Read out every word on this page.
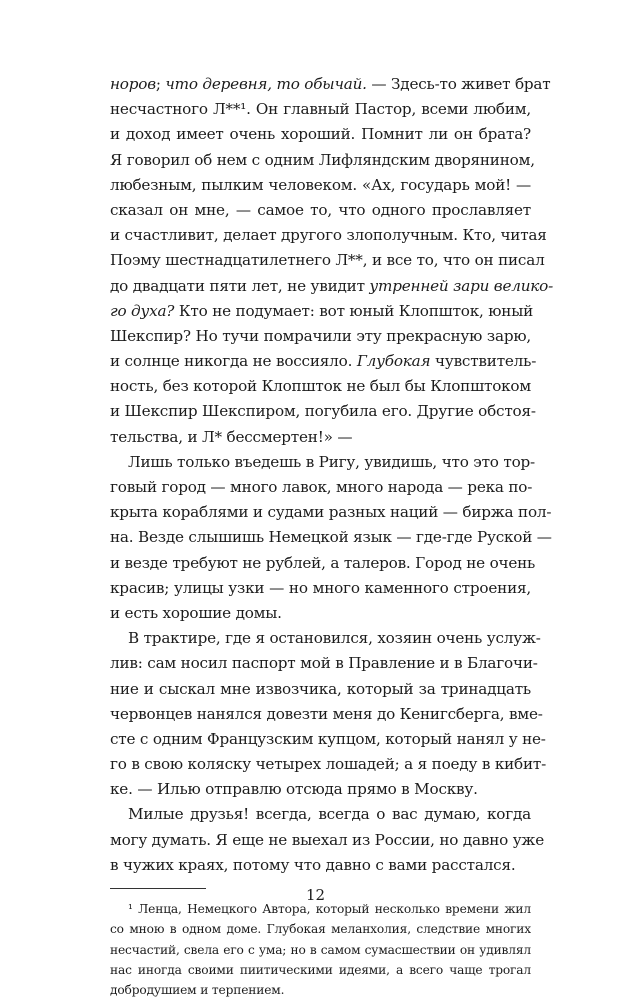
норов; что деревня, то обычай. — Здесь-то живет брат
несчастного Л**¹. Он главный Пастор, всеми любим,
и доход имеет очень хороший. Помнит ли он брата?
Я говорил об нем с одним Лифляндским дворянином,
любезным, пылким человеком. «Ах, государь мой! —
сказал он мне, — самое то, что одного прославляет
и счастливит, делает другого злополучным. Кто, читая
Поэму шестнадцатилетнего Л**, и все то, что он писал
до двадцати пяти лет, не увидит утренней зари велико-
го духа? Кто не подумает: вот юный Клопшток, юный
Шекспир? Но тучи помрачили эту прекрасную зарю,
и солнце никогда не воссияло. Глубокая чувствитель-
ность, без которой Клопшток не был бы Клопштоком
и Шекспир Шекспиром, погубила его. Другие обстоя-
тельства, и Л* бессмертен!» —
Лишь только въедешь в Ригу, увидишь, что это тор-
говый город — много лавок, много народа — река по-
крыта кораблями и судами разных наций — биржа пол-
на. Везде слышишь Немецкой язык — где-где Руской —
и везде требуют не рублей, а талеров. Город не очень
красив; улицы узки — но много каменного строения,
и есть хорошие домы.
В трактире, где я остановился, хозяин очень услуж-
лив: сам носил паспорт мой в Правление и в Благочи-
ние и сыскал мне извозчика, который за тринадцать
червонцев нанялся довезти меня до Кенигсберга, вме-
сте с одним Французским купцом, который нанял у не-
го в свою коляску четырех лошадей; а я поеду в кибит-
ке. — Илью отправлю отсюда прямо в Москву.
Милые друзья! всегда, всегда о вас думаю, когда
могу думать. Я еще не выехал из России, но давно уже
в чужих краях, потому что давно с вами расстался.
¹ Ленца, Немецкого Автора, который несколько времени жил
со мною в одном доме. Глубокая меланхолия, следствие многих
несчастий, свела его с ума; но в самом сумасшествии он удивлял
нас иногда своими пиитическими идеями, а всего чаще трогал
добродушием и терпением.
12
